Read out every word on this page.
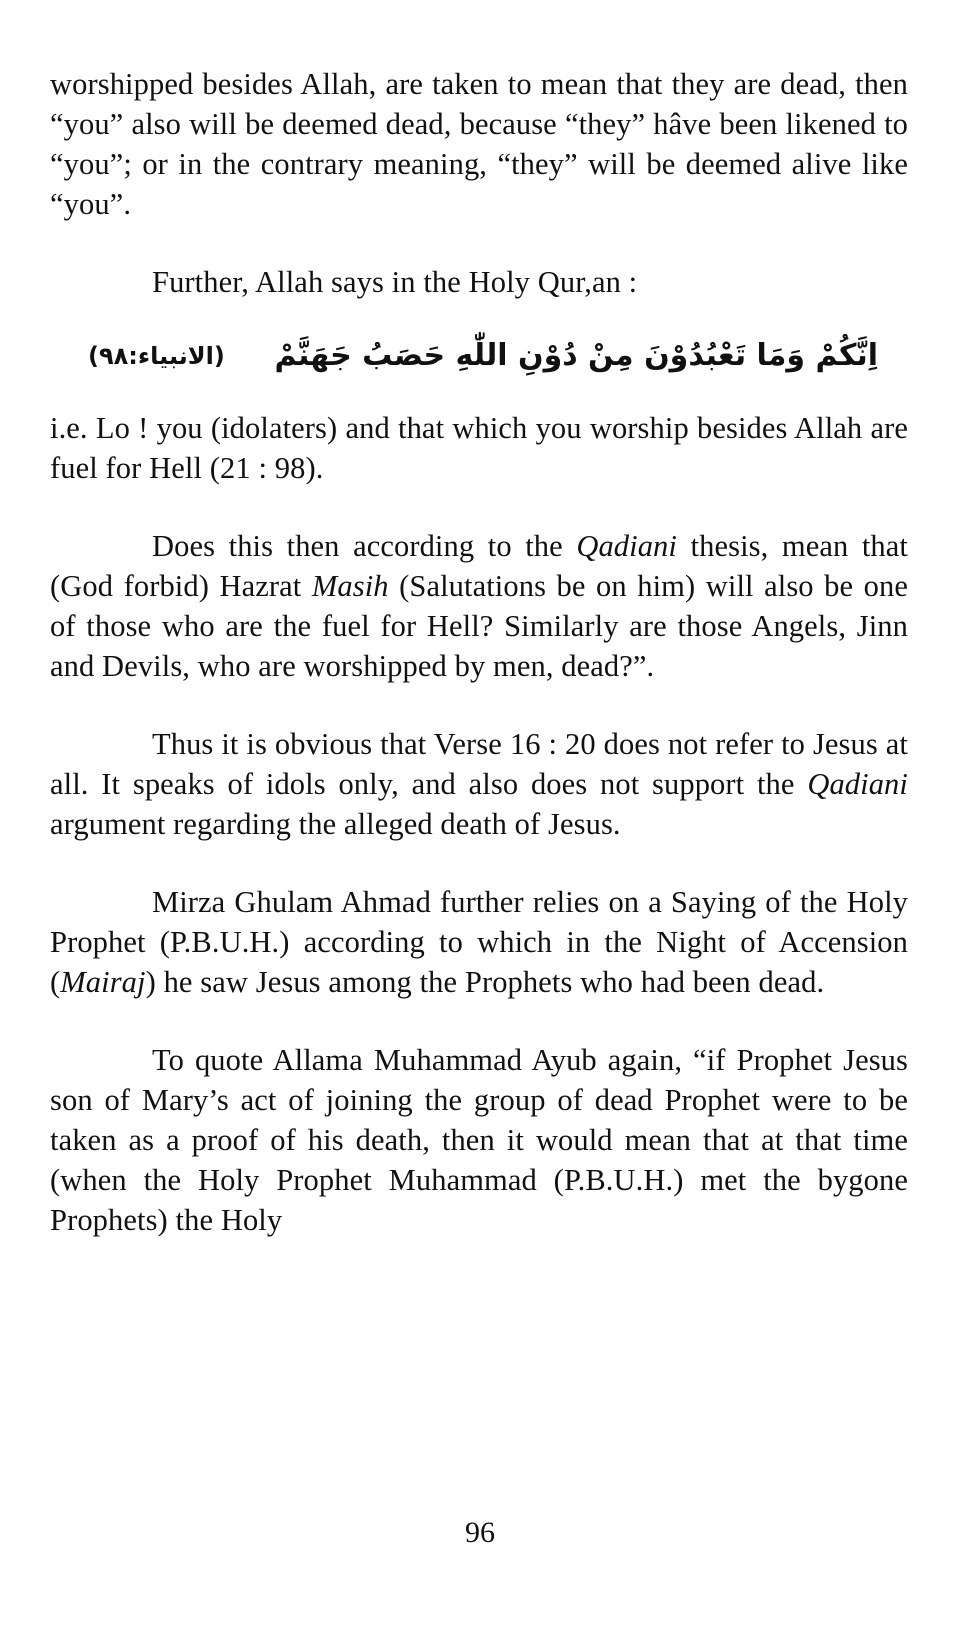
worshipped besides Allah, are taken to mean that they are dead, then “you” also will be deemed dead, because “they” hâve been likened to “you”; or in the contrary meaning, “they” will be deemed alive like “you”.

Further, Allah says in the Holy Qur,an :

اِنَّكُمْ وَمَا تَعْبُدُوْنَ مِنْ دُوْنِ اللّٰهِ حَصَبُ جَهَنَّمْ
(الانبياء:٩٨)

i.e. Lo ! you (idolaters) and that which you worship besides Allah are fuel for Hell (21 : 98).

Does this then according to the Qadiani thesis, mean that (God forbid) Hazrat Masih (Salutations be on him) will also be one of those who are the fuel for Hell? Similarly are those Angels, Jinn and Devils, who are worshipped by men, dead?”.

Thus it is obvious that Verse 16 : 20 does not refer to Jesus at all. It speaks of idols only, and also does not support the Qadiani argument regarding the alleged death of Jesus.

Mirza Ghulam Ahmad further relies on a Saying of the Holy Prophet (P.B.U.H.) according to which in the Night of Accension (Mairaj) he saw Jesus among the Prophets who had been dead.

To quote Allama Muhammad Ayub again, “if Prophet Jesus son of Mary’s act of joining the group of dead Prophet were to be taken as a proof of his death, then it would mean that at that time (when the Holy Prophet Muhammad (P.B.U.H.) met the bygone Prophets) the Holy

96
